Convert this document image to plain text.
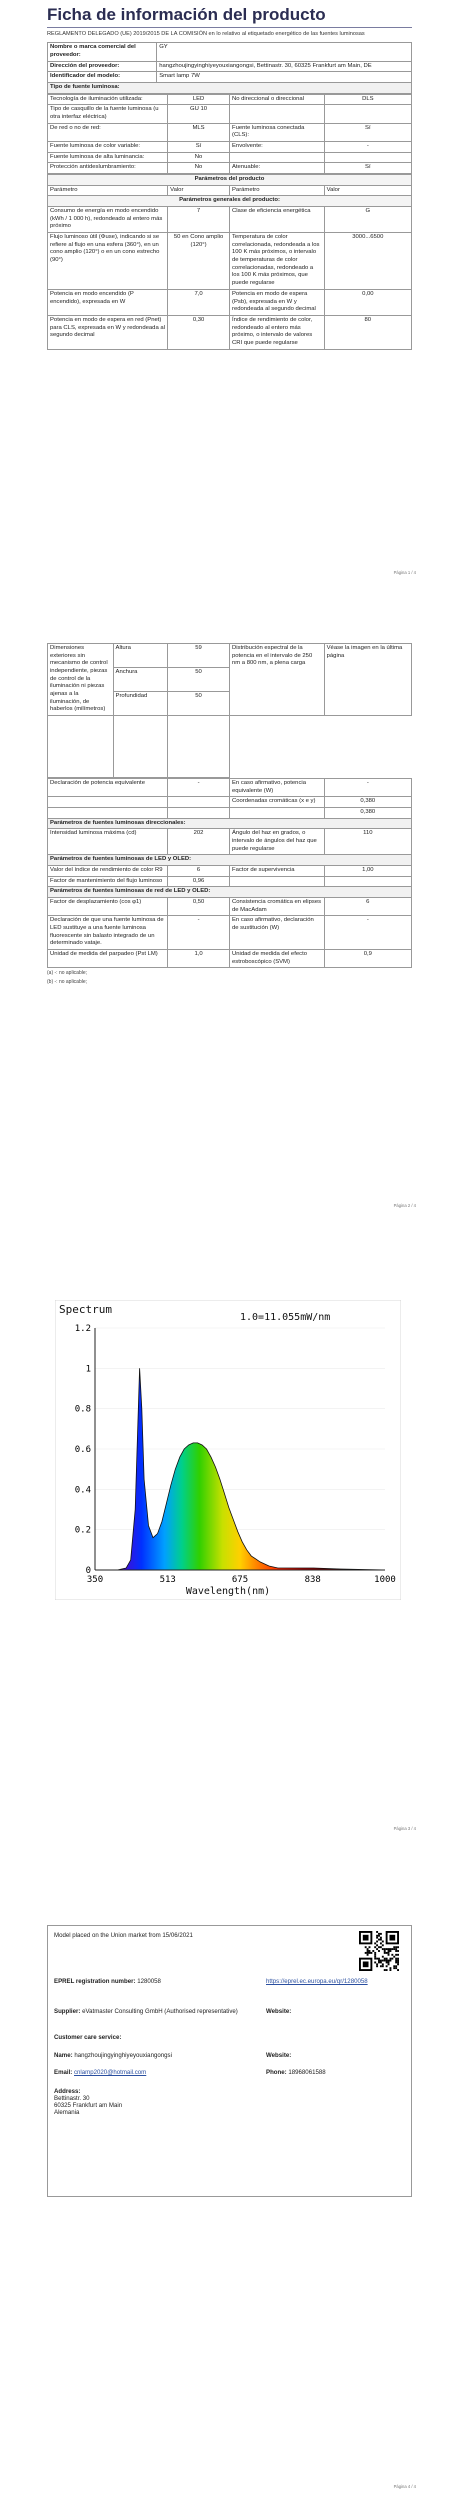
Ficha de información del producto
REGLAMENTO DELEGADO (UE) 2019/2015 DE LA COMISIÓN en lo relativo al etiquetado energético de las fuentes luminosas
Nombre o marca comercial del proveedor:	GY
Dirección del proveedor:	hangzhoujingyinghiyeyouxiangongsi, Bettinastr. 30, 60325 Frankfurt am Main, DE
Identificador del modelo:	Smart lamp 7W
Tipo de fuente luminosa:	
Tecnología de iluminación utilizada:	LED	No direccional o direccional	DLS
Tipo de casquillo de la fuente luminosa (u otra interfaz eléctrica)	GU 10		
De red o no de red:	MLS	Fuente luminosa conectada (CLS):	Sí
Fuente luminosa de color variable:	Sí	Envolvente:	-
Fuente luminosa de alta luminancia:	No		
Protección antideslumbramiento:	No	Atenuable:	Sí
Parámetros del producto			
Parámetro	Valor	Parámetro	Valor
Parámetros generales del producto:			
Consumo de energía en modo encendido (kWh / 1 000 h), redondeado al entero más próximo	7	Clase de eficiencia energética	G
Flujo luminoso útil (Φuse), indicando si se refiere al flujo en una esfera (360°), en un cono amplio (120°) o en un cono estrecho (90°)	50 en Cono amplio (120°)	Temperatura de color correlacionada, redondeada a los 100 K más próximos, o intervalo de temperaturas de color correlacionadas, redondeado a los 100 K más próximos, que puede regularse	3000...6500
Potencia en modo encendido (P encendido), expresada en W	7,0	Potencia en modo de espera (Psb), expresada en W y redondeada al segundo decimal	0,00
Potencia en modo de espera en red (Pnet) para CLS, expresada en W y redondeada al segundo decimal	0,30	Índice de rendimiento de color, redondeado al entero más próximo, o intervalo de valores CRI que puede regularse	80
Página 1 / 4
Dimensiones exteriores sin mecanismo de control independiente, piezas de control de la iluminación ni piezas ajenas a la iluminación, de haberlos (milímetros)	Altura	59	Distribución espectral de la potencia en el intervalo de 250 nm a 800 nm, a plena carga	Véase la imagen en la última página
	Anchura	50		
	Profundidad	50		

Declaración de potencia equivalente	-	En caso afirmativo, potencia equivalente (W)	-
		Coordenadas cromáticas (x e y)	0,380
			0,380
Parámetros de fuentes luminosas direccionales:			
Intensidad luminosa máxima (cd)	202	Ángulo del haz en grados, o intervalo de ángulos del haz que puede regularse	110
Parámetros de fuentes luminosas de LED y OLED:			
Valor del índice de rendimiento de color R9	6	Factor de supervivencia	1,00
Factor de mantenimiento del flujo luminoso	0,96		
Parámetros de fuentes luminosas de red de LED y OLED:			
Factor de desplazamiento (cos φ1)	0,50	Consistencia cromática en elipses de MacAdam	6
Declaración de que una fuente luminosa de LED sustituye a una fuente luminosa fluorescente sin balasto integrado de un determinado vataje.	-	En caso afirmativo, declaración de sustitución (W)	-
Unidad de medida del parpadeo (Pst LM)	1,0	Unidad de medida del efecto estroboscópico (SVM)	0,9
(a) -: no aplicable;
(b) -: no aplicable;
Página 2 / 4
0
0.2
0.4
0.6
0.8
1
1.2
350	513	675	838	1000
Spectrum
1.0=11.055mW/nm
Wavelength(nm)
Página 3 / 4
Model placed on the Union market from 15/06/2021
EPREL registration number: 1280058	https://eprel.ec.europa.eu/qr/1280058
Supplier: eVatmaster Consulting GmbH (Authorised representative)	Website:
Customer care service:
Name: hangzhoujingyinghiyeyouxiangongsi	Website:
Email: cnlamp2020@hotmail.com	Phone: 18968061588
Address:
Bettinastr. 30
60325 Frankfurt am Main
Alemania
Página 4 / 4
